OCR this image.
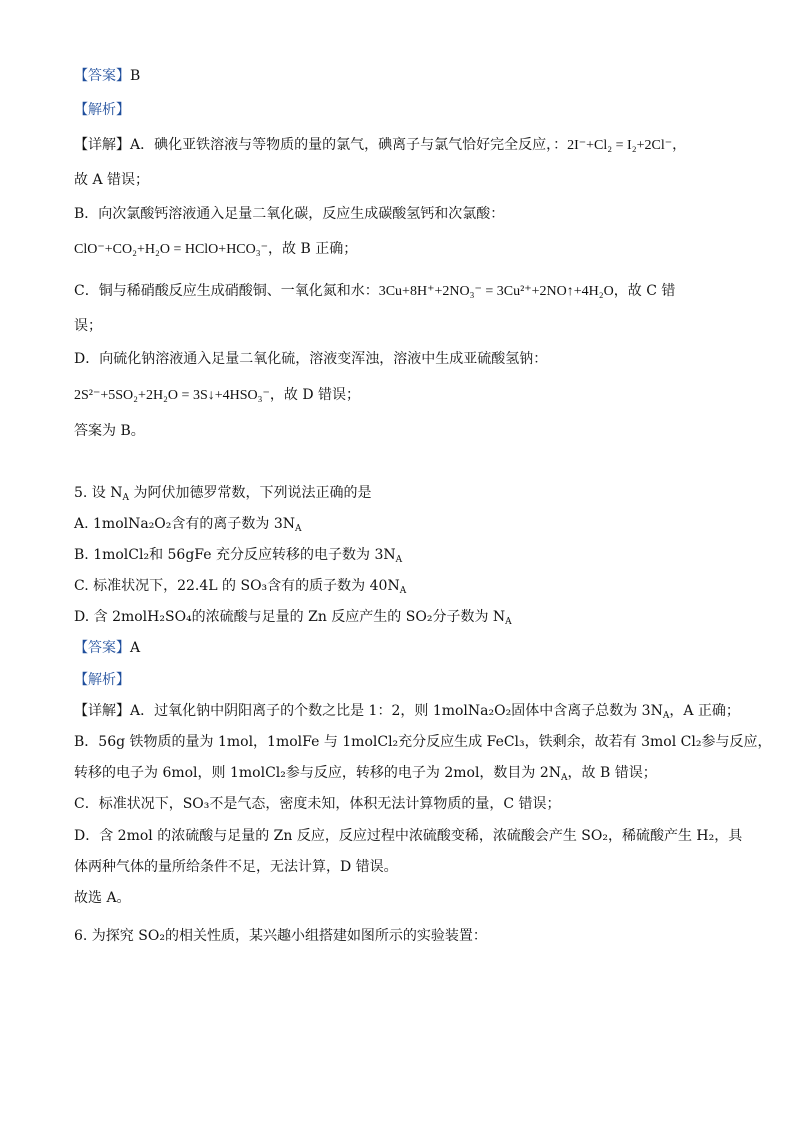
【答案】B
【解析】
【详解】A．碘化亚铁溶液与等物质的量的氯气，碘离子与氯气恰好完全反应，：2I⁻+Cl₂ = I₂+2Cl⁻，
故 A 错误；
B．向次氯酸钙溶液通入足量二氧化碳，反应生成碳酸氢钙和次氯酸：
ClO⁻+CO₂+H₂O = HClO+HCO₃⁻，故 B 正确；
C．铜与稀硝酸反应生成硝酸铜、一氧化氮和水：3Cu+8H⁺+2NO₃⁻ = 3Cu²⁺+2NO↑+4H₂O，故 C 错
误；
D．向硫化钠溶液通入足量二氧化硫，溶液变浑浊，溶液中生成亚硫酸氢钠：
2S²⁻+5SO₂+2H₂O = 3S↓+4HSO₃⁻，故 D 错误；
答案为 B。
5. 设 $N_A$ 为阿伏加德罗常数，下列说法正确的是
A. 1molNa₂O₂含有的离子数为 $3N_A$
B. 1molCl₂和 56gFe 充分反应转移的电子数为 $3N_A$
C. 标准状况下，22.4L 的 SO₃含有的质子数为 $40N_A$
D. 含 2molH₂SO₄的浓硫酸与足量的 Zn 反应产生的 SO₂分子数为 $N_A$
【答案】A
【解析】
【详解】A．过氧化钠中阴阳离子的个数之比是 1：2，则 1molNa₂O₂固体中含离子总数为 $3N_A$，A 正确；
B．56g 铁物质的量为 1mol，1molFe 与 1molCl₂充分反应生成 FeCl₃，铁剩余，故若有 3mol Cl₂参与反应，
转移的电子为 6mol，则 1molCl₂参与反应，转移的电子为 2mol，数目为 $2N_A$，故 B 错误；
C．标准状况下，SO₃不是气态，密度未知，体积无法计算物质的量，C 错误；
D．含 2mol 的浓硫酸与足量的 Zn 反应，反应过程中浓硫酸变稀，浓硫酸会产生 SO₂，稀硫酸产生 H₂，具
体两种气体的量所给条件不足，无法计算，D 错误。
故选 A。
6. 为探究 SO₂的相关性质，某兴趣小组搭建如图所示的实验装置：
